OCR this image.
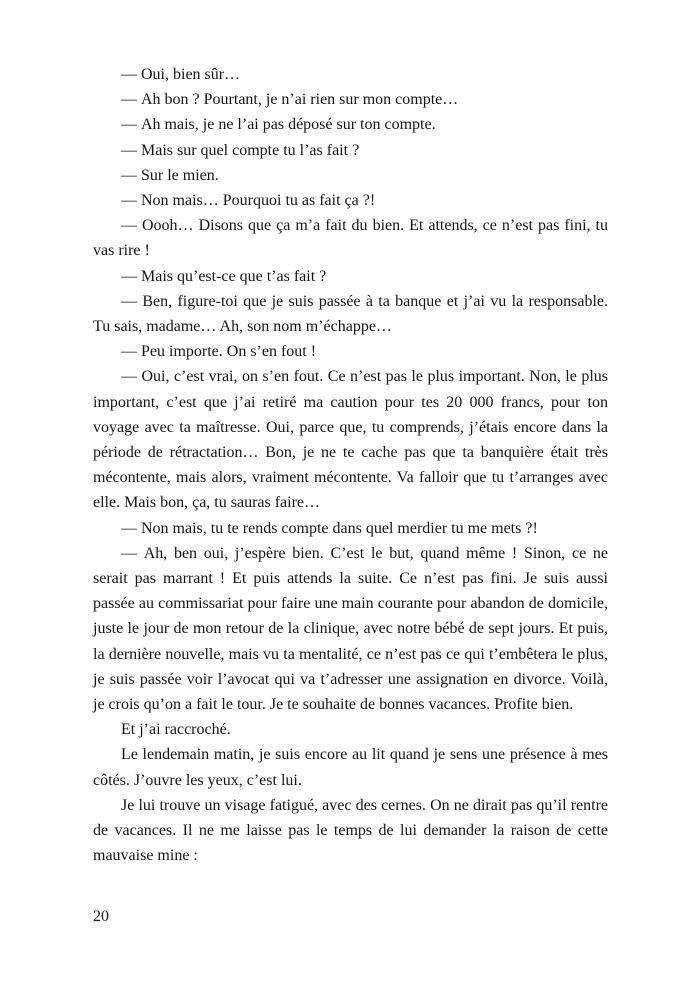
— Oui, bien sûr…

— Ah bon ? Pourtant, je n’ai rien sur mon compte…

— Ah mais, je ne l’ai pas déposé sur ton compte.

— Mais sur quel compte tu l’as fait ?

— Sur le mien.

— Non mais… Pourquoi tu as fait ça ?!

— Oooh… Disons que ça m’a fait du bien. Et attends, ce n’est pas fini, tu vas rire !

— Mais qu’est-ce que t’as fait ?

— Ben, figure-toi que je suis passée à ta banque et j’ai vu la responsable. Tu sais, madame… Ah, son nom m’échappe…

— Peu importe. On s’en fout !

— Oui, c’est vrai, on s’en fout. Ce n’est pas le plus important. Non, le plus important, c’est que j’ai retiré ma caution pour tes 20 000 francs, pour ton voyage avec ta maîtresse. Oui, parce que, tu comprends, j’étais encore dans la période de rétractation… Bon, je ne te cache pas que ta banquière était très mécontente, mais alors, vraiment mécontente. Va falloir que tu t’arranges avec elle. Mais bon, ça, tu sauras faire…

— Non mais, tu te rends compte dans quel merdier tu me mets ?!

— Ah, ben oui, j’espère bien. C’est le but, quand même ! Sinon, ce ne serait pas marrant ! Et puis attends la suite. Ce n’est pas fini. Je suis aussi passée au commissariat pour faire une main courante pour abandon de domicile, juste le jour de mon retour de la clinique, avec notre bébé de sept jours. Et puis, la dernière nouvelle, mais vu ta mentalité, ce n’est pas ce qui t’embêtera le plus, je suis passée voir l’avocat qui va t’adresser une assignation en divorce. Voilà, je crois qu’on a fait le tour. Je te souhaite de bonnes vacances. Profite bien.

Et j’ai raccroché.

Le lendemain matin, je suis encore au lit quand je sens une présence à mes côtés. J’ouvre les yeux, c’est lui.

Je lui trouve un visage fatigué, avec des cernes. On ne dirait pas qu’il rentre de vacances. Il ne me laisse pas le temps de lui demander la raison de cette mauvaise mine :

20
